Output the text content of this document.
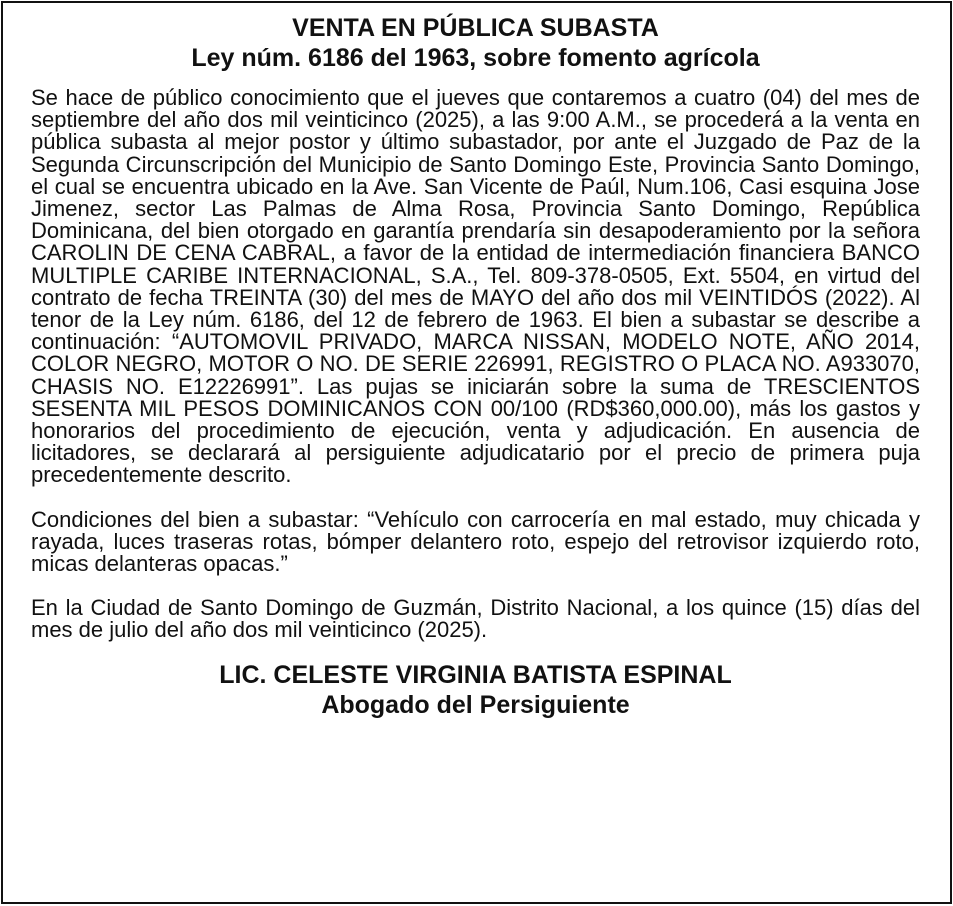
VENTA EN PÚBLICA SUBASTA
Ley núm. 6186 del 1963, sobre fomento agrícola

Se hace de público conocimiento que el jueves que contaremos a cuatro (04) del mes de septiembre del año dos mil veinticinco (2025), a las 9:00 A.M., se procederá a la venta en pública subasta al mejor postor y último subastador, por ante el Juzgado de Paz de la Segunda Circunscripción del Municipio de Santo Domingo Este, Provincia Santo Domingo, el cual se encuentra ubicado en la Ave. San Vicente de Paúl, Num.106, Casi esquina Jose Jimenez, sector Las Palmas de Alma Rosa, Provincia Santo Domingo, República Dominicana, del bien otorgado en garantía prendaría sin desapoderamiento por la señora CAROLIN DE CENA CABRAL, a favor de la entidad de intermediación financiera BANCO MULTIPLE CARIBE INTERNACIONAL, S.A., Tel. 809-378-0505, Ext. 5504, en virtud del contrato de fecha TREINTA (30) del mes de MAYO del año dos mil VEINTIDÓS (2022). Al tenor de la Ley núm. 6186, del 12 de febrero de 1963. El bien a subastar se describe a continuación: “AUTOMOVIL PRIVADO, MARCA NISSAN, MODELO NOTE, AÑO 2014, COLOR NEGRO, MOTOR O NO. DE SERIE 226991, REGISTRO O PLACA NO. A933070, CHASIS NO. E12226991”. Las pujas se iniciarán sobre la suma de TRESCIENTOS SESENTA MIL PESOS DOMINICANOS CON 00/100 (RD$360,000.00), más los gastos y honorarios del procedimiento de ejecución, venta y adjudicación. En ausencia de licitadores, se declarará al persiguiente adjudicatario por el precio de primera puja precedentemente descrito.

Condiciones del bien a subastar: “Vehículo con carrocería en mal estado, muy chicada y rayada, luces traseras rotas, bómper delantero roto, espejo del retrovisor izquierdo roto, micas delanteras opacas.”

En la Ciudad de Santo Domingo de Guzmán, Distrito Nacional, a los quince (15) días del mes de julio del año dos mil veinticinco (2025).

LIC. CELESTE VIRGINIA BATISTA ESPINAL
Abogado del Persiguiente
